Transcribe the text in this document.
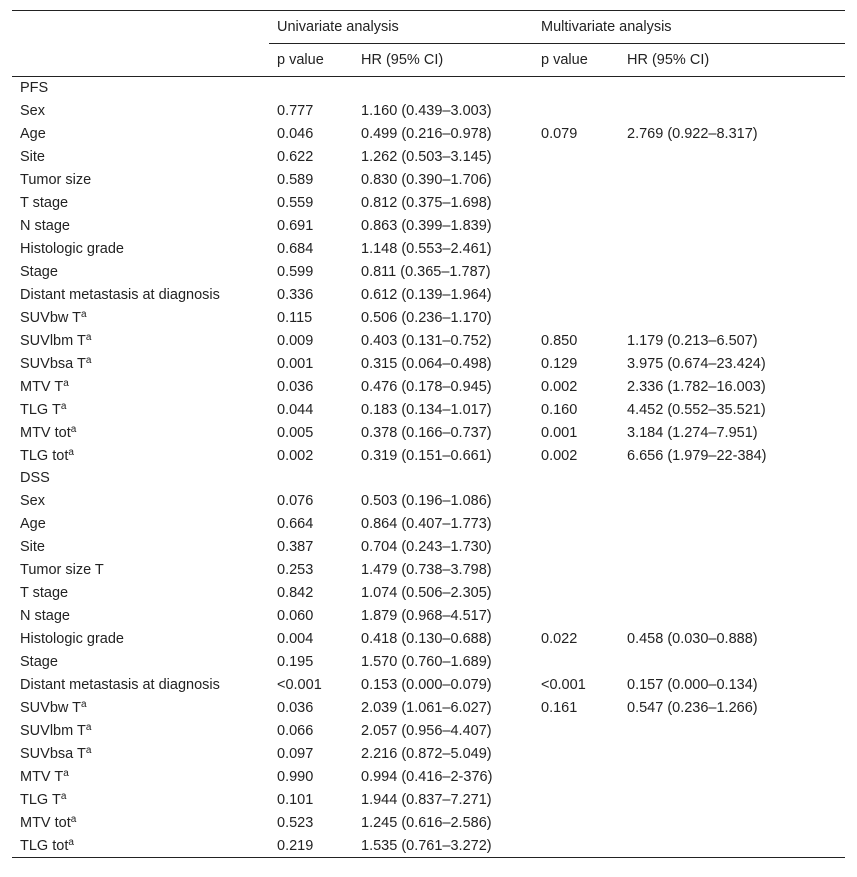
	Univariate analysis		Multivariate analysis	
	p value	HR (95% CI)	p value	HR (95% CI)
PFS				
Sex	0.777	1.160 (0.439–3.003)		
Age	0.046	0.499 (0.216–0.978)	0.079	2.769 (0.922–8.317)
Site	0.622	1.262 (0.503–3.145)		
Tumor size	0.589	0.830 (0.390–1.706)		
T stage	0.559	0.812 (0.375–1.698)		
N stage	0.691	0.863 (0.399–1.839)		
Histologic grade	0.684	1.148 (0.553–2.461)		
Stage	0.599	0.811 (0.365–1.787)		
Distant metastasis at diagnosis	0.336	0.612 (0.139–1.964)		
SUVbw $T^a$	0.115	0.506 (0.236–1.170)		
SUVlbm $T^a$	0.009	0.403 (0.131–0.752)	0.850	1.179 (0.213–6.507)
SUVbsa $T^a$	0.001	0.315 (0.064–0.498)	0.129	3.975 (0.674–23.424)
MTV $T^a$	0.036	0.476 (0.178–0.945)	0.002	2.336 (1.782–16.003)
TLG $T^a$	0.044	0.183 (0.134–1.017)	0.160	4.452 (0.552–35.521)
MTV tot$^a$	0.005	0.378 (0.166–0.737)	0.001	3.184 (1.274–7.951)
TLG tot$^a$	0.002	0.319 (0.151–0.661)	0.002	6.656 (1.979–22-384)
DSS				
Sex	0.076	0.503 (0.196–1.086)		
Age	0.664	0.864 (0.407–1.773)		
Site	0.387	0.704 (0.243–1.730)		
Tumor size T	0.253	1.479 (0.738–3.798)		
T stage	0.842	1.074 (0.506–2.305)		
N stage	0.060	1.879 (0.968–4.517)		
Histologic grade	0.004	0.418 (0.130–0.688)	0.022	0.458 (0.030–0.888)
Stage	0.195	1.570 (0.760–1.689)		
Distant metastasis at diagnosis	<0.001	0.153 (0.000–0.079)	<0.001	0.157 (0.000–0.134)
SUVbw $T^a$	0.036	2.039 (1.061–6.027)	0.161	0.547 (0.236–1.266)
SUVlbm $T^a$	0.066	2.057 (0.956–4.407)		
SUVbsa $T^a$	0.097	2.216 (0.872–5.049)		
MTV $T^a$	0.990	0.994 (0.416–2-376)		
TLG $T^a$	0.101	1.944 (0.837–7.271)		
MTV tot$^a$	0.523	1.245 (0.616–2.586)		
TLG tot$^a$	0.219	1.535 (0.761–3.272)		
